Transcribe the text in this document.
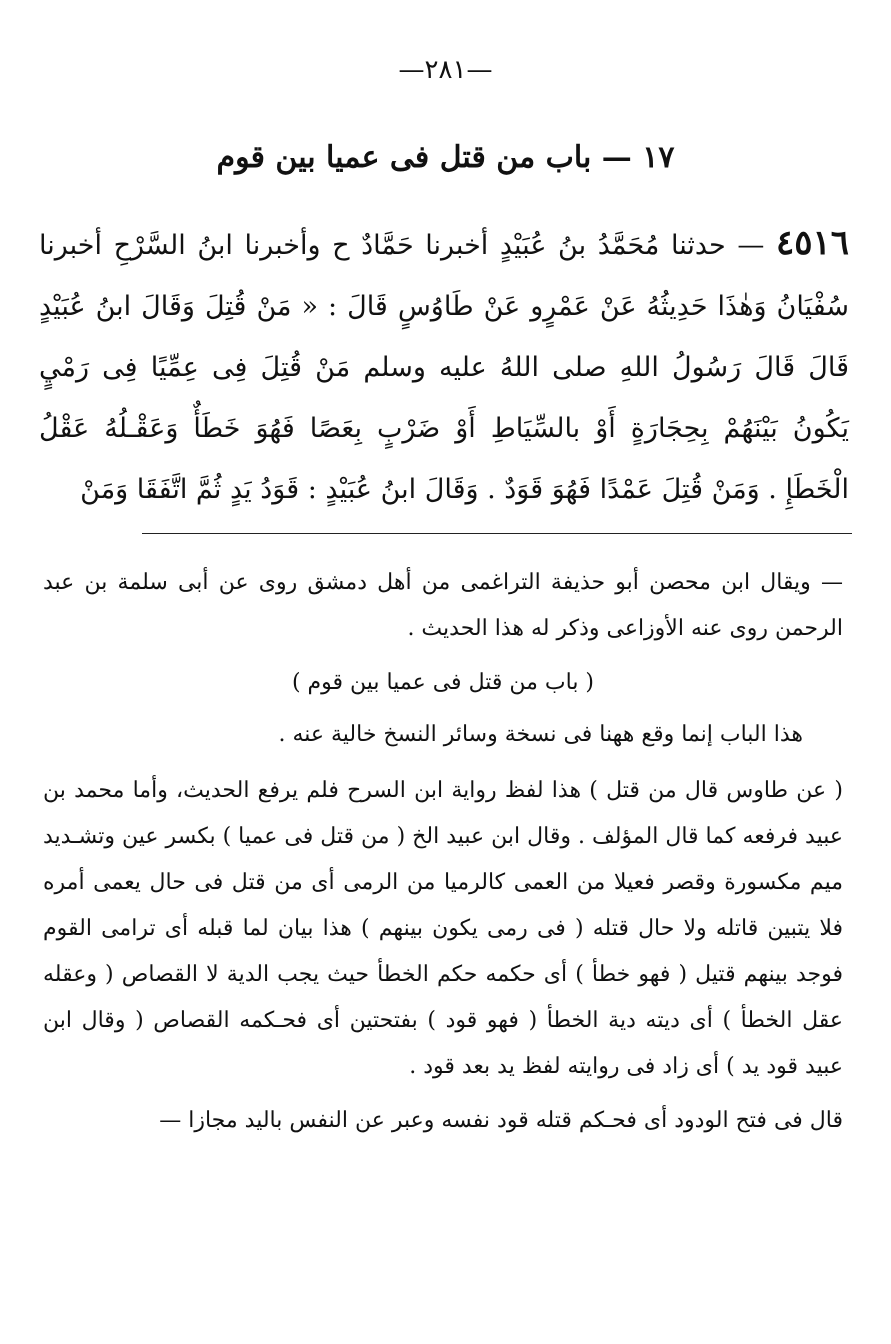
—٢٨١—
١٧ — باب من قتل فى عميا بين قوم
٤٥١٦ — حدثنا مُحَمَّدُ بنُ عُبَيْدٍ أخبرنا حَمَّادٌ ح وأخبرنا ابنُ السَّرْحِ أخبرنا سُفْيَانُ وَهٰذَا حَدِيثُهُ عَنْ عَمْرٍو عَنْ طَاوُسٍ قَالَ : « مَنْ قُتِلَ وَقَالَ ابنُ عُبَيْدٍ قَالَ قَالَ رَسُولُ اللهِ صلى اللهُ عليه وسلم مَنْ قُتِلَ فِى عِمِّيًا فِى رَمْيٍ يَكُونُ بَيْنَهُمْ بِحِجَارَةٍ أَوْ بالسِّيَاطِ أَوْ ضَرْبٍ بِعَصًا فَهُوَ خَطَأٌ وَعَقْـلُهُ عَقْلُ الْخَطَإِ . وَمَنْ قُتِلَ عَمْدًا فَهُوَ قَوَدٌ . وَقَالَ ابنُ عُبَيْدٍ : قَوَدُ يَدٍ ثُمَّ اتَّفَقَا وَمَنْ

— ويقال ابن محصن أبو حذيفة التراغمى من أهل دمشق روى عن أبى سلمة بن عبد الرحمن روى عنه الأوزاعى وذكر له هذا الحديث .

( باب من قتل فى عميا بين قوم )

هذا الباب إنما وقع ههنا فى نسخة وسائر النسخ خالية عنه .

( عن طاوس قال من قتل ) هذا لفظ رواية ابن السرح فلم يرفع الحديث، وأما محمد بن عبيد فرفعه كما قال المؤلف . وقال ابن عبيد الخ ( من قتل فى عميا ) بكسر عين وتشـديد ميم مكسورة وقصر فعيلا من العمى كالرميا من الرمى أى من قتل فى حال يعمى أمره فلا يتبين قاتله ولا حال قتله ( فى رمى يكون بينهم ) هذا بيان لما قبله أى ترامى القوم فوجد بينهم قتيل ( فهو خطأ ) أى حكمه حكم الخطأ حيث يجب الدية لا القصاص ( وعقله عقل الخطأ ) أى ديته دية الخطأ ( فهو قود ) بفتحتين أى فحـكمه القصاص ( وقال ابن عبيد قود يد ) أى زاد فى روايته لفظ يد بعد قود .

قال فى فتح الودود أى فحـكم قتله قود نفسه وعبر عن النفس باليد مجازا —
